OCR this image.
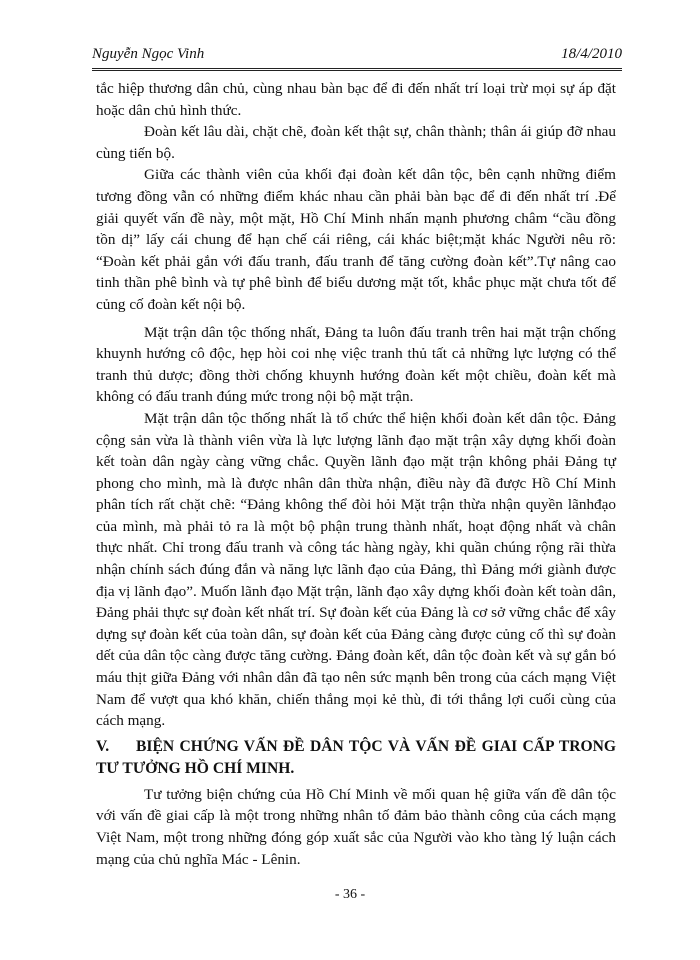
Nguyễn Ngọc Vinh	18/4/2010

tắc hiệp thương dân chủ, cùng nhau bàn bạc để đi đến nhất trí loại trừ mọi sự áp đặt hoặc dân chủ hình thức.

Đoàn kết lâu dài, chặt chẽ, đoàn kết thật sự, chân thành; thân ái giúp đỡ nhau cùng tiến bộ.

Giữa các thành viên của khối đại đoàn kết dân tộc, bên cạnh những điểm tương đồng vẫn có những điểm khác nhau cần phải bàn bạc để đi đến nhất trí .Để giải quyết vấn đề này, một mặt, Hồ Chí Minh nhấn mạnh phương châm “cầu đồng tồn dị” lấy cái chung để hạn chế cái riêng, cái khác biệt;mặt khác Người nêu rõ: “Đoàn kết phải gắn với đấu tranh, đấu tranh để tăng cường đoàn kết”.Tự nâng cao tinh thần phê bình và tự phê bình để biểu dương mặt tốt, khắc phục mặt chưa tốt để củng cố đoàn kết nội bộ.

Mặt trận dân tộc thống nhất, Đảng ta luôn đấu tranh trên hai mặt trận chống khuynh hướng cô độc, hẹp hòi coi nhẹ việc tranh thủ tất cả những lực lượng có thể tranh thủ dược; đồng thời chống khuynh hướng đoàn kết một chiều, đoàn kết mà không có đấu tranh đúng mức trong nội bộ mặt trận.

Mặt trận dân tộc thống nhất là tổ chức thể hiện khối đoàn kết dân tộc. Đảng cộng sản vừa là thành viên vừa là lực lượng lãnh đạo mặt trận xây dựng khối đoàn kết toàn dân ngày càng vững chắc. Quyền lãnh đạo mặt trận không phải Đảng tự phong cho mình, mà là được nhân dân thừa nhận, điều này đã được Hồ Chí Minh phân tích rất chặt chẽ: “Đảng không thể đòi hỏi Mặt trận thừa nhận quyền lãnhđạo của mình, mà phải tỏ ra là một bộ phận trung thành nhất, hoạt động nhất và chân thực nhất. Chỉ trong đấu tranh và công tác hàng ngày, khi quần chúng rộng rãi thừa nhận chính sách đúng đắn và năng lực lãnh đạo của Đảng, thì Đảng mới giành được địa vị lãnh đạo”. Muốn lãnh đạo Mặt trận, lãnh đạo xây dựng khối đoàn kết toàn dân, Đảng phải thực sự đoàn kết nhất trí. Sự đoàn kết của Đảng là cơ sở vững chắc để xây dựng sự đoàn kết của toàn dân, sự đoàn kết của Đảng càng được củng cố thì sự đoàn dết của dân tộc càng được tăng cường. Đảng đoàn kết, dân tộc đoàn kết và sự gắn bó máu thịt giữa Đảng với nhân dân đã tạo nên sức mạnh bên trong của cách mạng Việt Nam để vượt qua khó khăn, chiến thắng mọi kẻ thù, đi tới thắng lợi cuối cùng của cách mạng.

V. BIỆN CHỨNG VẤN ĐỀ DÂN TỘC VÀ VẤN ĐỀ GIAI CẤP TRONG TƯ TƯỞNG HỒ CHÍ MINH.

Tư tưởng biện chứng của Hồ Chí Minh về mối quan hệ giữa vấn đề dân tộc với vấn đề giai cấp là một trong những nhân tố đảm bảo thành công của cách mạng Việt Nam, một trong những đóng góp xuất sắc của Người vào kho tàng lý luận cách mạng của chủ nghĩa Mác - Lênin.

- 36 -
